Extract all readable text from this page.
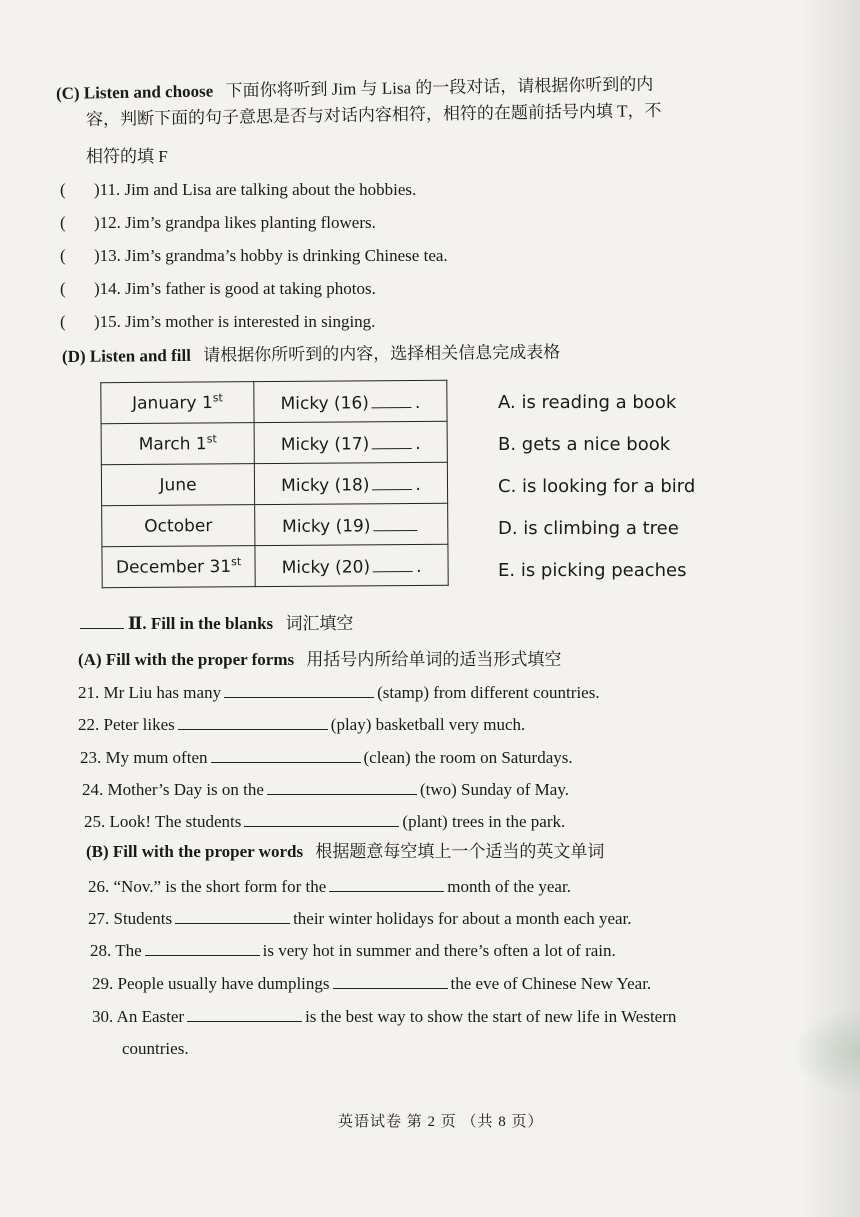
(C) Listen and choose 下面你将听到 Jim 与 Lisa 的一段对话，请根据你听到的内
容，判断下面的句子意思是否与对话内容相符，相符的在题前括号内填 T，不
相符的填 F
( )11. Jim and Lisa are talking about the hobbies.
( )12. Jim’s grandpa likes planting flowers.
( )13. Jim’s grandma’s hobby is drinking Chinese tea.
( )14. Jim’s father is good at taking photos.
( )15. Jim’s mother is interested in singing.
(D) Listen and fill 请根据你所听到的内容，选择相关信息完成表格
January 1st	Micky (16) .
March 1st	Micky (17) .
June	Micky (18) .
October	Micky (19)
December 31st	Micky (20) .
A. is reading a book
B. gets a nice book
C. is looking for a bird
D. is climbing a tree
E. is picking peaches
Ⅱ. Fill in the blanks 词汇填空
(A) Fill with the proper forms 用括号内所给单词的适当形式填空
21. Mr Liu has many	(stamp) from different countries.
22. Peter likes	(play) basketball very much.
23. My mum often	(clean) the room on Saturdays.
24. Mother’s Day is on the	(two) Sunday of May.
25. Look! The students	(plant) trees in the park.
(B) Fill with the proper words 根据题意每空填上一个适当的英文单词
26. “Nov.” is the short form for the	month of the year.
27. Students	their winter holidays for about a month each year.
28. The	is very hot in summer and there’s often a lot of rain.
29. People usually have dumplings	the eve of Chinese New Year.
30. An Easter	is the best way to show the start of new life in Western
countries.
英语试卷 第 2 页 （共 8 页）
